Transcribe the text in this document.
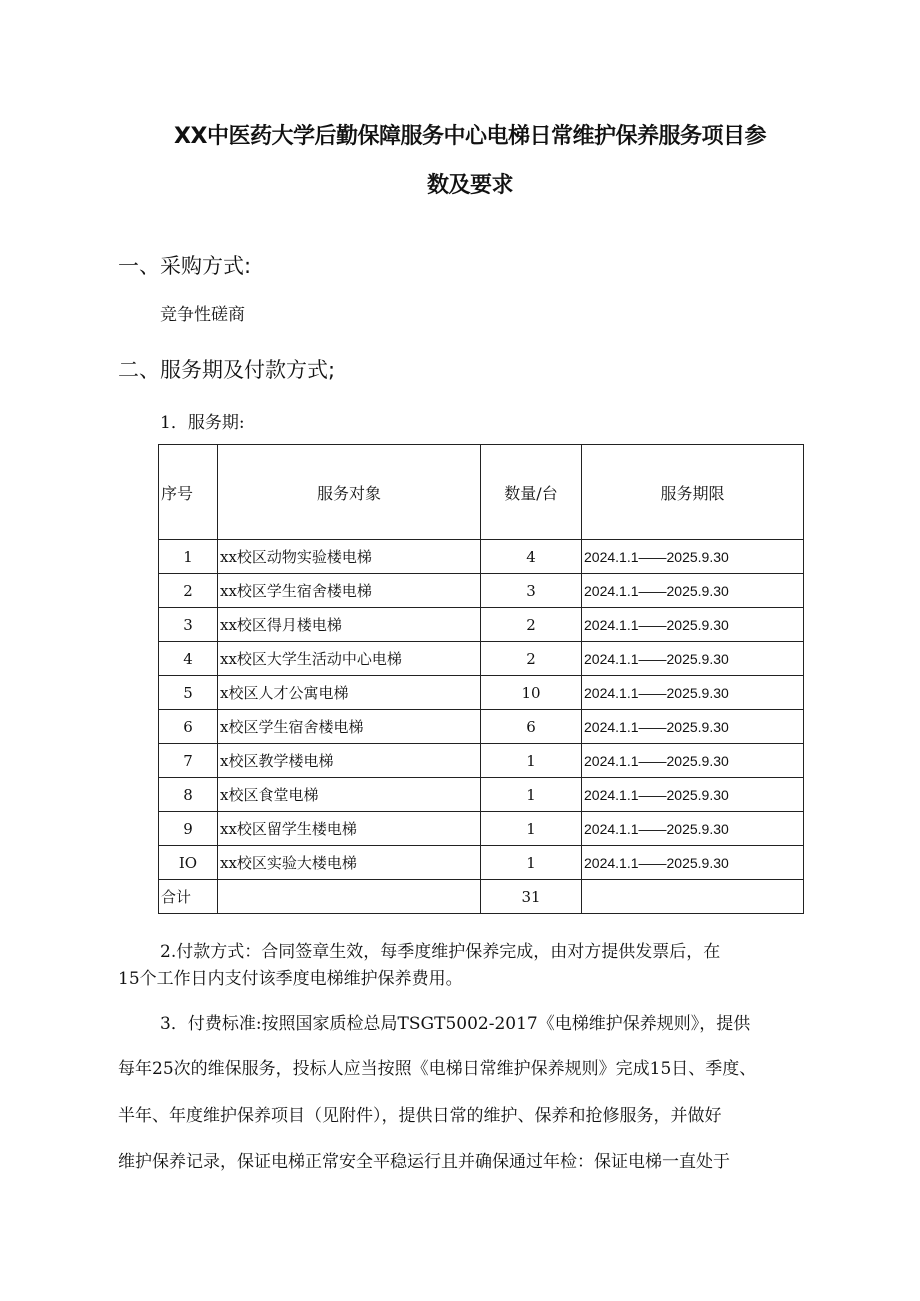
XX中医药大学后勤保障服务中心电梯日常维护保养服务项目参
数及要求
一、采购方式:
竞争性磋商
二、服务期及付款方式;
1．服务期:
序号	服务对象	数量/台	服务期限
1	xx校区动物实验楼电梯	4	2024.1.1——2025.9.30
2	xx校区学生宿舍楼电梯	3	2024.1.1——2025.9.30
3	xx校区得月楼电梯	2	2024.1.1——2025.9.30
4	xx校区大学生活动中心电梯	2	2024.1.1——2025.9.30
5	x校区人才公寓电梯	10	2024.1.1——2025.9.30
6	x校区学生宿舍楼电梯	6	2024.1.1——2025.9.30
7	x校区教学楼电梯	1	2024.1.1——2025.9.30
8	x校区食堂电梯	1	2024.1.1——2025.9.30
9	xx校区留学生楼电梯	1	2024.1.1——2025.9.30
IO	xx校区实验大楼电梯	1	2024.1.1——2025.9.30
合计		31	
2.付款方式：合同签章生效，每季度维护保养完成，由对方提供发票后，在
15个工作日内支付该季度电梯维护保养费用。
3．付费标准:按照国家质检总局TSGT5002-2017《电梯维护保养规则》，提供
每年25次的维保服务，投标人应当按照《电梯日常维护保养规则》完成15日、季度、
半年、年度维护保养项目（见附件），提供日常的维护、保养和抢修服务，并做好
维护保养记录，保证电梯正常安全平稳运行且并确保通过年检：保证电梯一直处于
